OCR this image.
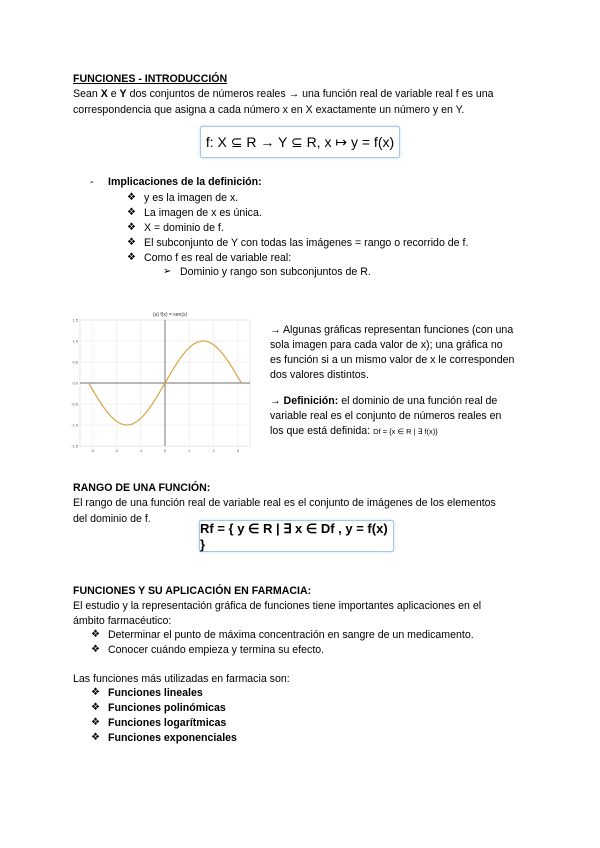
FUNCIONES - INTRODUCCIÓN
Sean X e Y dos conjuntos de números reales → una función real de variable real f es una
correspondencia que asigna a cada número x en X exactamente un número y en Y.
f: X ⊆ R → Y ⊆ R, x ↦ y = f(x)
- Implicaciones de la definición:
❖ y es la imagen de x.
❖ La imagen de x es única.
❖ X = dominio de f.
❖ El subconjunto de Y con todas las imágenes = rango o recorrido de f.
❖ Como f es real de variable real:
➢ Dominio y rango son subconjuntos de R.
1.5
1.0
0.5
0.0
-0.5
-1.0
-1.5
-3	-2	-1	0	1	2	3
(a) f(x) = sen(x)
→ Algunas gráficas representan funciones (con una
sola imagen para cada valor de x); una gráfica no
es función si a un mismo valor de x le corresponden
dos valores distintos.
→ Definición: el dominio de una función real de
variable real es el conjunto de números reales en
los que está definida: Df = {x ∈ R | ∃ f(x)}
RANGO DE UNA FUNCIÓN:
El rango de una función real de variable real es el conjunto de imágenes de los elementos
del dominio de f.
Rf = { y ∈ R | ∃ x ∈ Df , y = f(x) }
FUNCIONES Y SU APLICACIÓN EN FARMACIA:
El estudio y la representación gráfica de funciones tiene importantes aplicaciones en el
ámbito farmacéutico:
❖ Determinar el punto de máxima concentración en sangre de un medicamento.
❖ Conocer cuándo empieza y termina su efecto.
Las funciones más utilizadas en farmacia son:
❖ Funciones lineales
❖ Funciones polinómicas
❖ Funciones logarítmicas
❖ Funciones exponenciales
